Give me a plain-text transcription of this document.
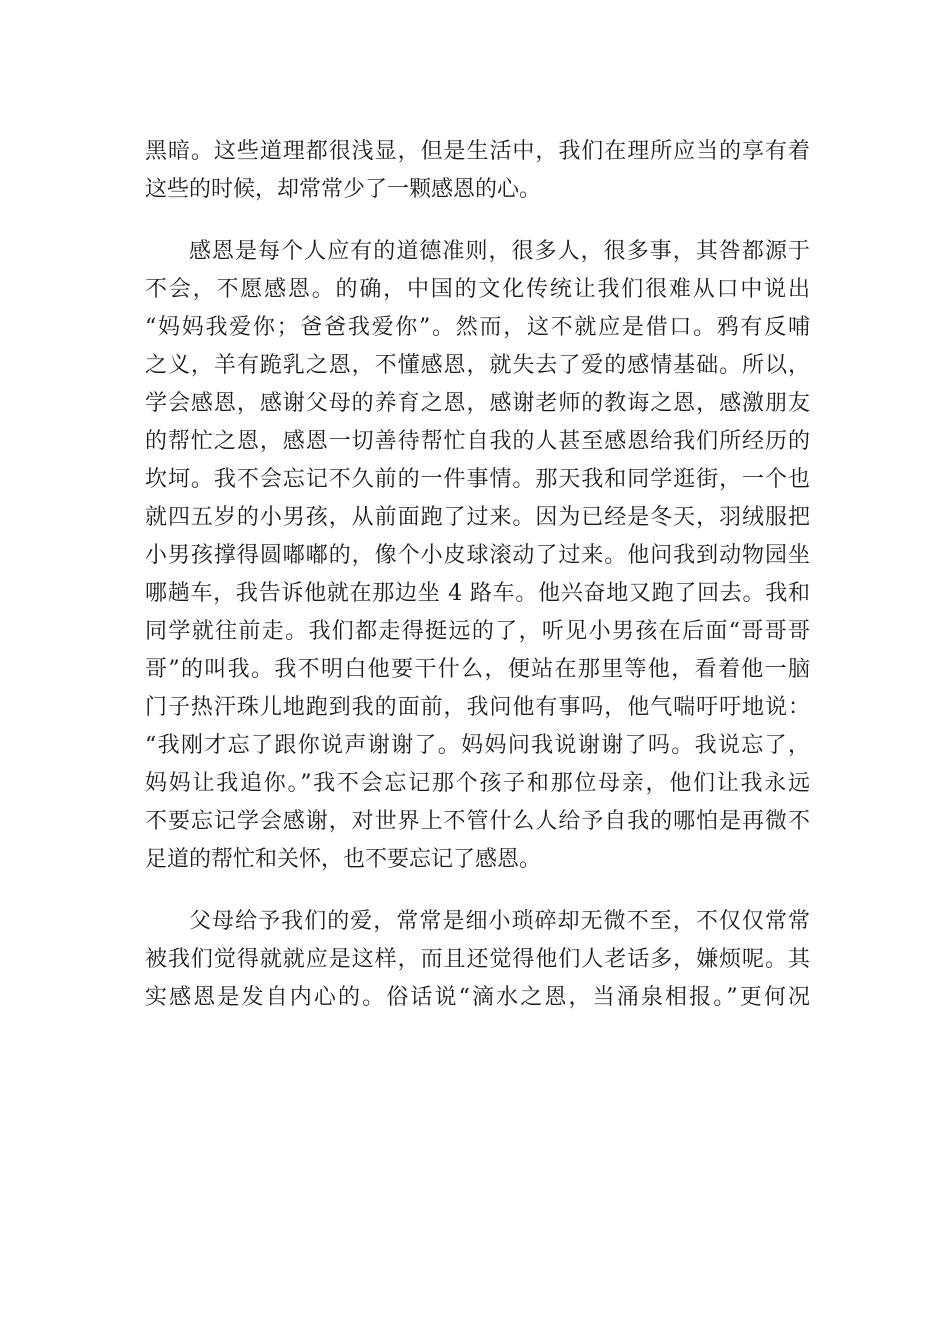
黑暗。这些道理都很浅显，但是生活中，我们在理所应当的享有着
这些的时候，却常常少了一颗感恩的心。
感恩是每个人应有的道德准则，很多人，很多事，其咎都源于
不会，不愿感恩。的确，中国的文化传统让我们很难从口中说出
“妈妈我爱你；爸爸我爱你”。然而，这不就应是借口。鸦有反哺
之义，羊有跪乳之恩，不懂感恩，就失去了爱的感情基础。所以，
学会感恩，感谢父母的养育之恩，感谢老师的教诲之恩，感激朋友
的帮忙之恩，感恩一切善待帮忙自我的人甚至感恩给我们所经历的
坎坷。我不会忘记不久前的一件事情。那天我和同学逛街，一个也
就四五岁的小男孩，从前面跑了过来。因为已经是冬天，羽绒服把
小男孩撑得圆嘟嘟的，像个小皮球滚动了过来。他问我到动物园坐
哪趟车，我告诉他就在那边坐 4 路车。他兴奋地又跑了回去。我和
同学就往前走。我们都走得挺远的了，听见小男孩在后面“哥哥哥
哥”的叫我。我不明白他要干什么，便站在那里等他，看着他一脑
门子热汗珠儿地跑到我的面前，我问他有事吗，他气喘吁吁地说：
“我刚才忘了跟你说声谢谢了。妈妈问我说谢谢了吗。我说忘了，
妈妈让我追你。”我不会忘记那个孩子和那位母亲，他们让我永远
不要忘记学会感谢，对世界上不管什么人给予自我的哪怕是再微不
足道的帮忙和关怀，也不要忘记了感恩。
父母给予我们的爱，常常是细小琐碎却无微不至，不仅仅常常
被我们觉得就就应是这样，而且还觉得他们人老话多，嫌烦呢。其
实感恩是发自内心的。俗话说“滴水之恩，当涌泉相报。”更何况
